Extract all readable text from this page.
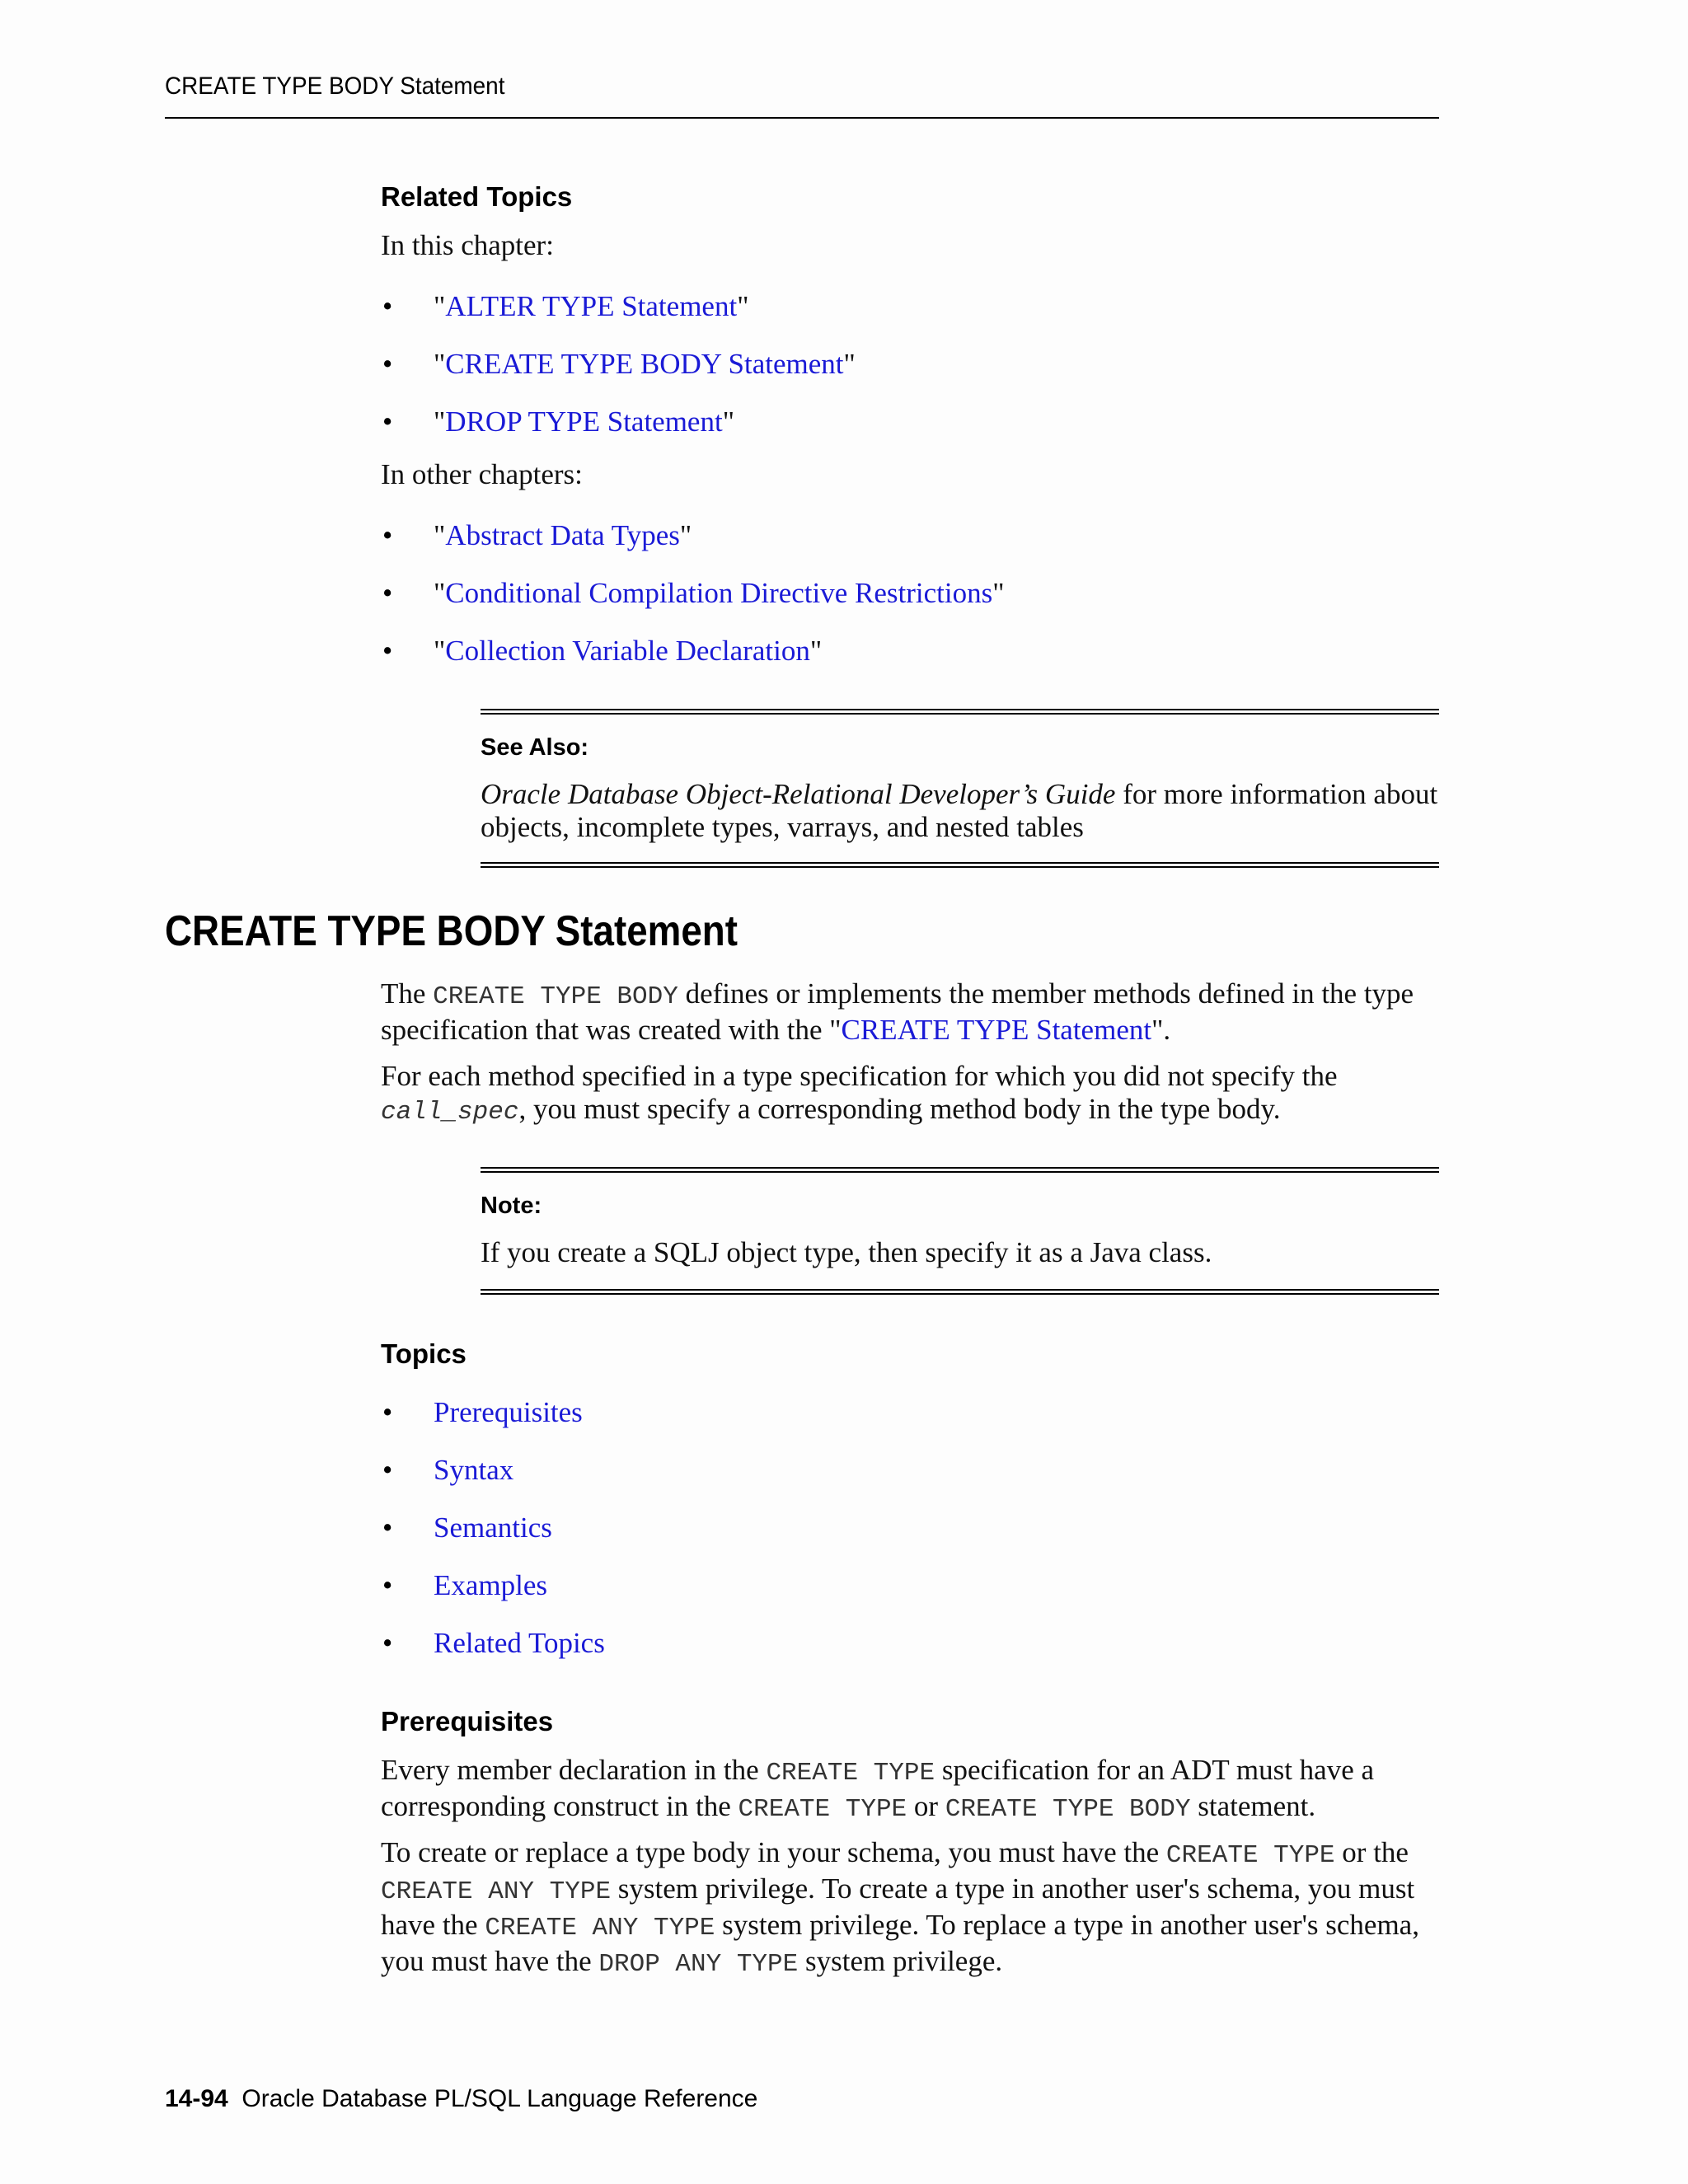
CREATE TYPE BODY Statement
Related Topics
In this chapter:
• "ALTER TYPE Statement"
• "CREATE TYPE BODY Statement"
• "DROP TYPE Statement"
In other chapters:
• "Abstract Data Types"
• "Conditional Compilation Directive Restrictions"
• "Collection Variable Declaration"
See Also:
Oracle Database Object-Relational Developer’s Guide for more information about objects, incomplete types, varrays, and nested tables
CREATE TYPE BODY Statement
The CREATE TYPE BODY defines or implements the member methods defined in the type specification that was created with the "CREATE TYPE Statement".
For each method specified in a type specification for which you did not specify the call_spec, you must specify a corresponding method body in the type body.
Note:
If you create a SQLJ object type, then specify it as a Java class.
Topics
• Prerequisites
• Syntax
• Semantics
• Examples
• Related Topics
Prerequisites
Every member declaration in the CREATE TYPE specification for an ADT must have a corresponding construct in the CREATE TYPE or CREATE TYPE BODY statement.
To create or replace a type body in your schema, you must have the CREATE TYPE or the CREATE ANY TYPE system privilege. To create a type in another user's schema, you must have the CREATE ANY TYPE system privilege. To replace a type in another user's schema, you must have the DROP ANY TYPE system privilege.
14-94 Oracle Database PL/SQL Language Reference
